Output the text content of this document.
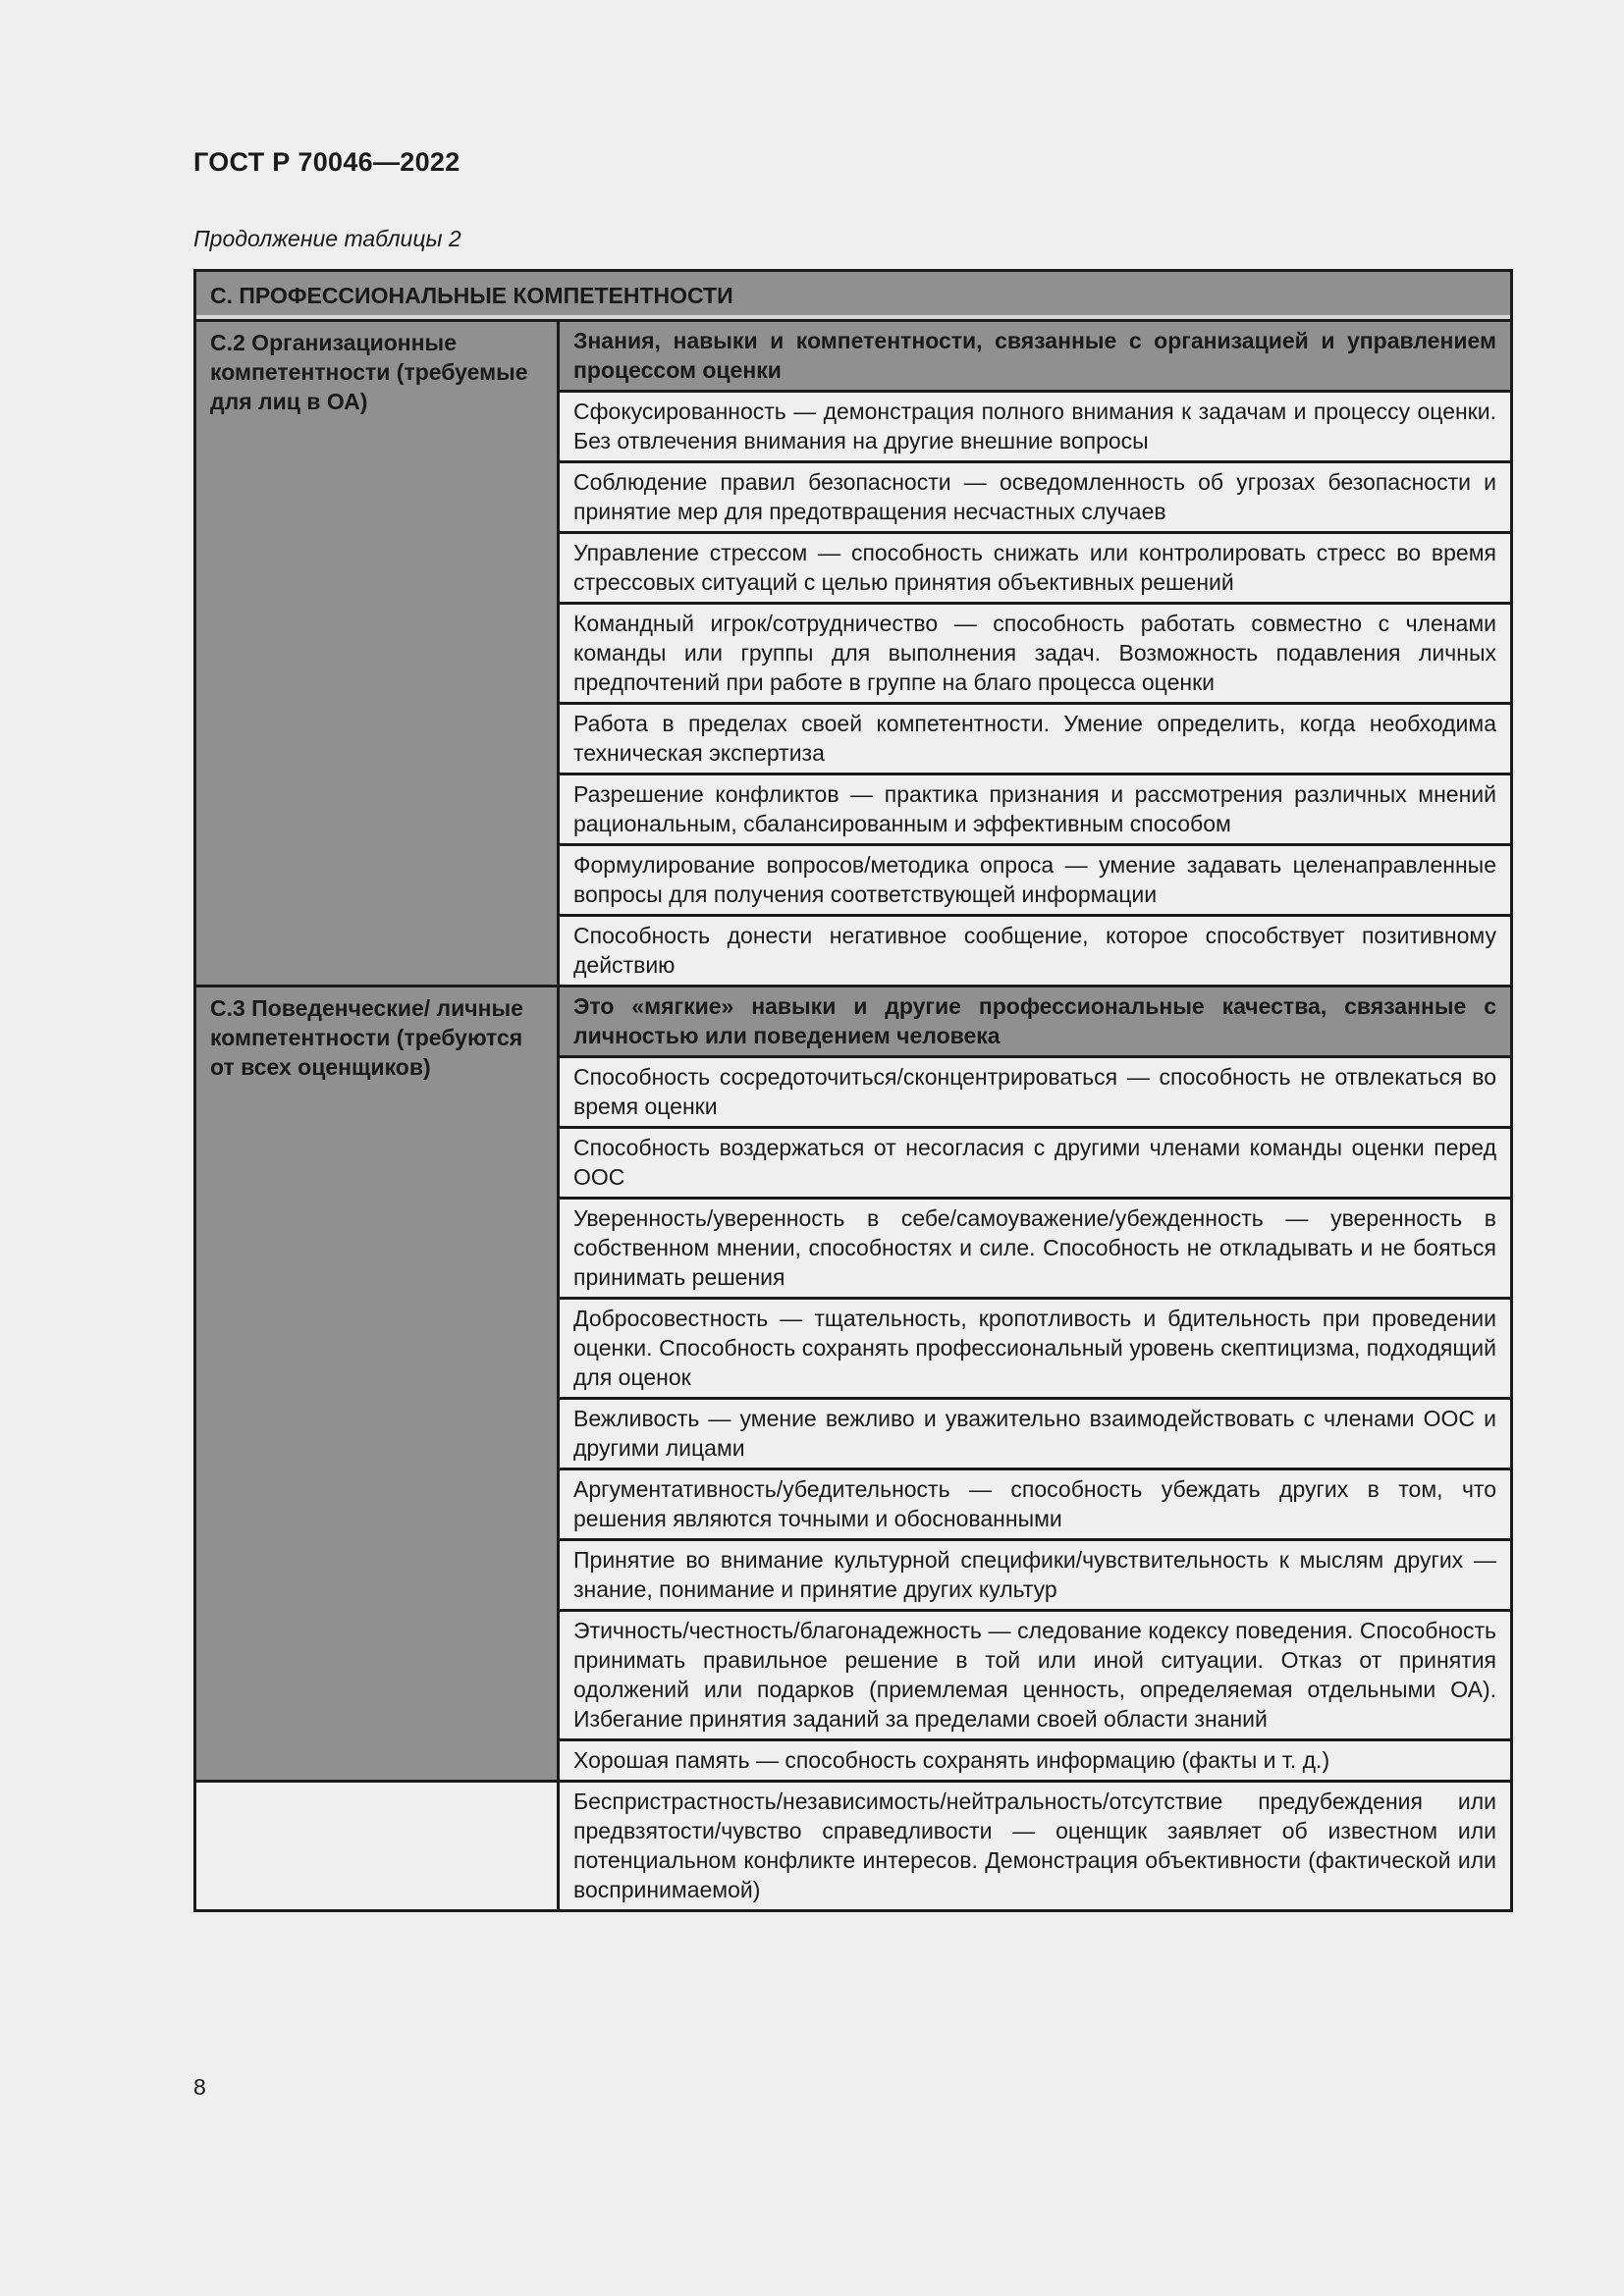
ГОСТ Р 70046—2022
Продолжение таблицы 2
С. ПРОФЕССИОНАЛЬНЫЕ КОМПЕТЕНТНОСТИ	
С.2 Организационные компетентности (требуемые для лиц в ОА)	Знания, навыки и компетентности, связанные с организацией и управлением процессом оценки
	Сфокусированность — демонстрация полного внимания к задачам и процессу оценки. Без отвлечения внимания на другие внешние вопросы
	Соблюдение правил безопасности — осведомленность об угрозах безопасности и принятие мер для предотвращения несчастных случаев
	Управление стрессом — способность снижать или контролировать стресс во время стрессовых ситуаций с целью принятия объективных решений
	Командный игрок/сотрудничество — способность работать совместно с членами команды или группы для выполнения задач. Возможность подавления личных предпочтений при работе в группе на благо процесса оценки
	Работа в пределах своей компетентности. Умение определить, когда необходима техническая экспертиза
	Разрешение конфликтов — практика признания и рассмотрения различных мнений рациональным, сбалансированным и эффективным способом
	Формулирование вопросов/методика опроса — умение задавать целенаправленные вопросы для получения соответствующей информации
	Способность донести негативное сообщение, которое способствует позитивному действию
С.3 Поведенческие/ личные компетентности (требуются от всех оценщиков)	Это «мягкие» навыки и другие профессиональные качества, связанные с личностью или поведением человека
	Способность сосредоточиться/сконцентрироваться — способность не отвлекаться во время оценки
	Способность воздержаться от несогласия с другими членами команды оценки перед ООС
	Уверенность/уверенность в себе/самоуважение/убежденность — уверенность в собственном мнении, способностях и силе. Способность не откладывать и не бояться принимать решения
	Добросовестность — тщательность, кропотливость и бдительность при проведении оценки. Способность сохранять профессиональный уровень скептицизма, подходящий для оценок
	Вежливость — умение вежливо и уважительно взаимодействовать с членами ООС и другими лицами
	Аргументативность/убедительность — способность убеждать других в том, что решения являются точными и обоснованными
	Принятие во внимание культурной специфики/чувствительность к мыслям других — знание, понимание и принятие других культур
	Этичность/честность/благонадежность — следование кодексу поведения. Способность принимать правильное решение в той или иной ситуации. Отказ от принятия одолжений или подарков (приемлемая ценность, определяемая отдельными ОА). Избегание принятия заданий за пределами своей области знаний
	Хорошая память — способность сохранять информацию (факты и т. д.)
	Беспристрастность/независимость/нейтральность/отсутствие предубеждения или предвзятости/чувство справедливости — оценщик заявляет об известном или потенциальном конфликте интересов. Демонстрация объективности (фактической или воспринимаемой)
8
